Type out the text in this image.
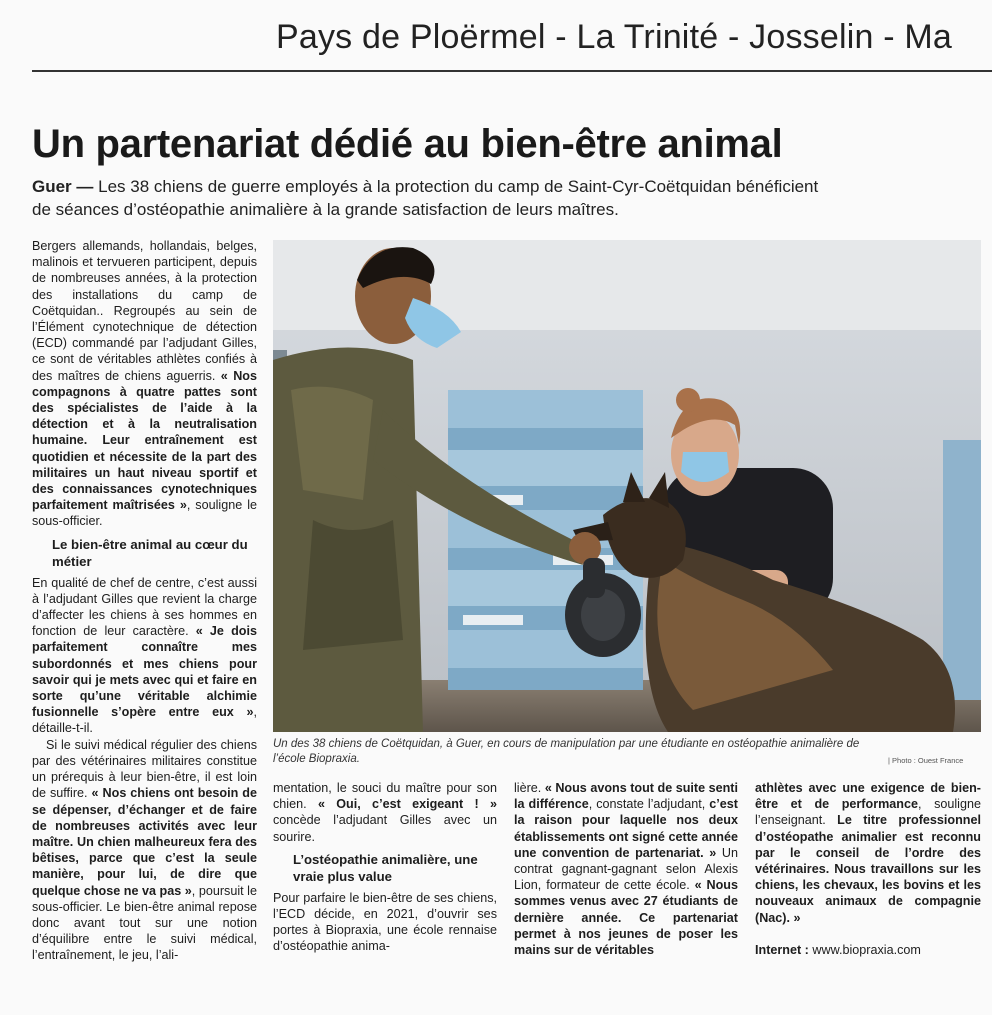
Pays de Ploërmel - La Trinité - Josselin - Ma
Un partenariat dédié au bien-être animal
Guer — Les 38 chiens de guerre employés à la protection du camp de Saint-Cyr-Coëtquidan bénéficient de séances d’ostéopathie animalière à la grande satisfaction de leurs maîtres.

Bergers allemands, hollandais, belges, malinois et tervueren participent, depuis de nombreuses années, à la protection des installations du camp de Coëtquidan.. Regroupés au sein de l’Élément cynotechnique de détection (ECD) commandé par l’adjudant Gilles, ce sont de véritables athlètes confiés à des maîtres de chiens aguerris. « Nos compagnons à quatre pattes sont des spécialistes de l’aide à la détection et à la neutralisation humaine. Leur entraînement est quotidien et nécessite de la part des militaires un haut niveau sportif et des connaissances cynotechniques parfaitement maîtrisées », souligne le sous-officier.

Le bien-être animal au cœur du métier

En qualité de chef de centre, c’est aussi à l’adjudant Gilles que revient la charge d’affecter les chiens à ses hommes en fonction de leur caractère. « Je dois parfaitement connaître mes subordonnés et mes chiens pour savoir qui je mets avec qui et faire en sorte qu’une véritable alchimie fusionnelle s’opère entre eux », détaille-t-il.

Si le suivi médical régulier des chiens par des vétérinaires militaires constitue un prérequis à leur bien-être, il est loin de suffire. « Nos chiens ont besoin de se dépenser, d’échanger et de faire de nombreuses activités avec leur maître. Un chien malheureux fera des bêtises, parce que c’est la seule manière, pour lui, de dire que quelque chose ne va pas », poursuit le sous-officier. Le bien-être animal repose donc avant tout sur une notion d’équilibre entre le suivi médical, l’entraînement, le jeu, l’ali-

Un des 38 chiens de Coëtquidan, à Guer, en cours de manipulation par une étudiante en ostéopathie animalière de l’école Biopraxia.	| Photo : Ouest France

mentation, le souci du maître pour son chien. « Oui, c’est exigeant ! » concède l’adjudant Gilles avec un sourire.

L’ostéopathie animalière, une vraie plus value

Pour parfaire le bien-être de ses chiens, l’ECD décide, en 2021, d’ouvrir ses portes à Biopraxia, une école rennaise d’ostéopathie anima-

lière. « Nous avons tout de suite senti la différence, constate l’adjudant, c’est la raison pour laquelle nos deux établissements ont signé cette année une convention de partenariat. » Un contrat gagnant-gagnant selon Alexis Lion, formateur de cette école. « Nous sommes venus avec 27 étudiants de dernière année. Ce partenariat permet à nos jeunes de poser les mains sur de véritables

athlètes avec une exigence de bien-être et de performance, souligne l’enseignant. Le titre professionnel d’ostéopathe animalier est reconnu par le conseil de l’ordre des vétérinaires. Nous travaillons sur les chiens, les chevaux, les bovins et les nouveaux animaux de compagnie (Nac). »

Internet : www.biopraxia.com
